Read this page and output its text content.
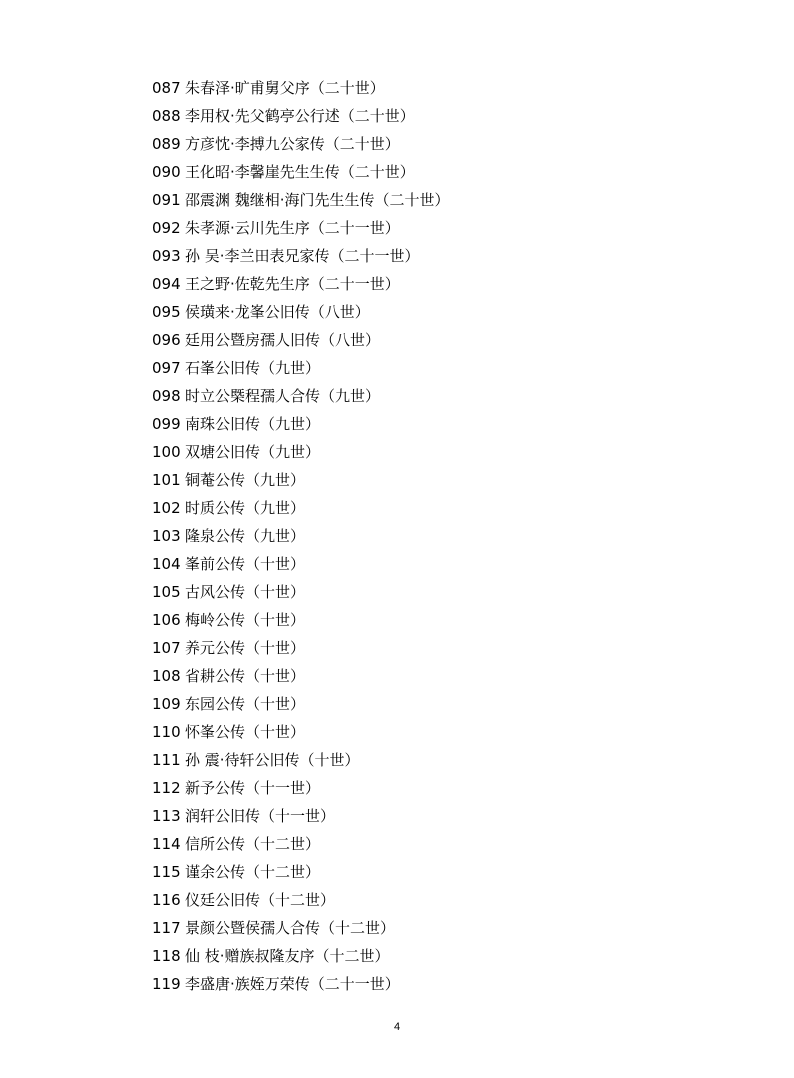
087 朱春泽·旷甫舅父序（二十世）
088 李用权·先父鹤亭公行述（二十世）
089 方彦忱·李搏九公家传（二十世）
090 王化昭·李馨崖先生生传（二十世）
091 邵震渊 魏继相·海门先生生传（二十世）
092 朱孝源·云川先生序（二十一世）
093 孙 吴·李兰田表兄家传（二十一世）
094 王之野·佐乾先生序（二十一世）
095 侯璜来·龙峯公旧传（八世）
096 廷用公暨房孺人旧传（八世）
097 石峯公旧传（九世）
098 时立公槩程孺人合传（九世）
099 南珠公旧传（九世）
100 双塘公旧传（九世）
101 铜菴公传（九世）
102 时质公传（九世）
103 隆泉公传（九世）
104 峯前公传（十世）
105 古风公传（十世）
106 梅岭公传（十世）
107 养元公传（十世）
108 省耕公传（十世）
109 东园公传（十世）
110 怀峯公传（十世）
111 孙 震·待轩公旧传（十世）
112 新予公传（十一世）
113 润轩公旧传（十一世）
114 信所公传（十二世）
115 谨余公传（十二世）
116 仪廷公旧传（十二世）
117 景颜公暨侯孺人合传（十二世）
118 仙 枝·赠族叔隆友序（十二世）
119 李盛唐·族姪万荣传（二十一世）
4
